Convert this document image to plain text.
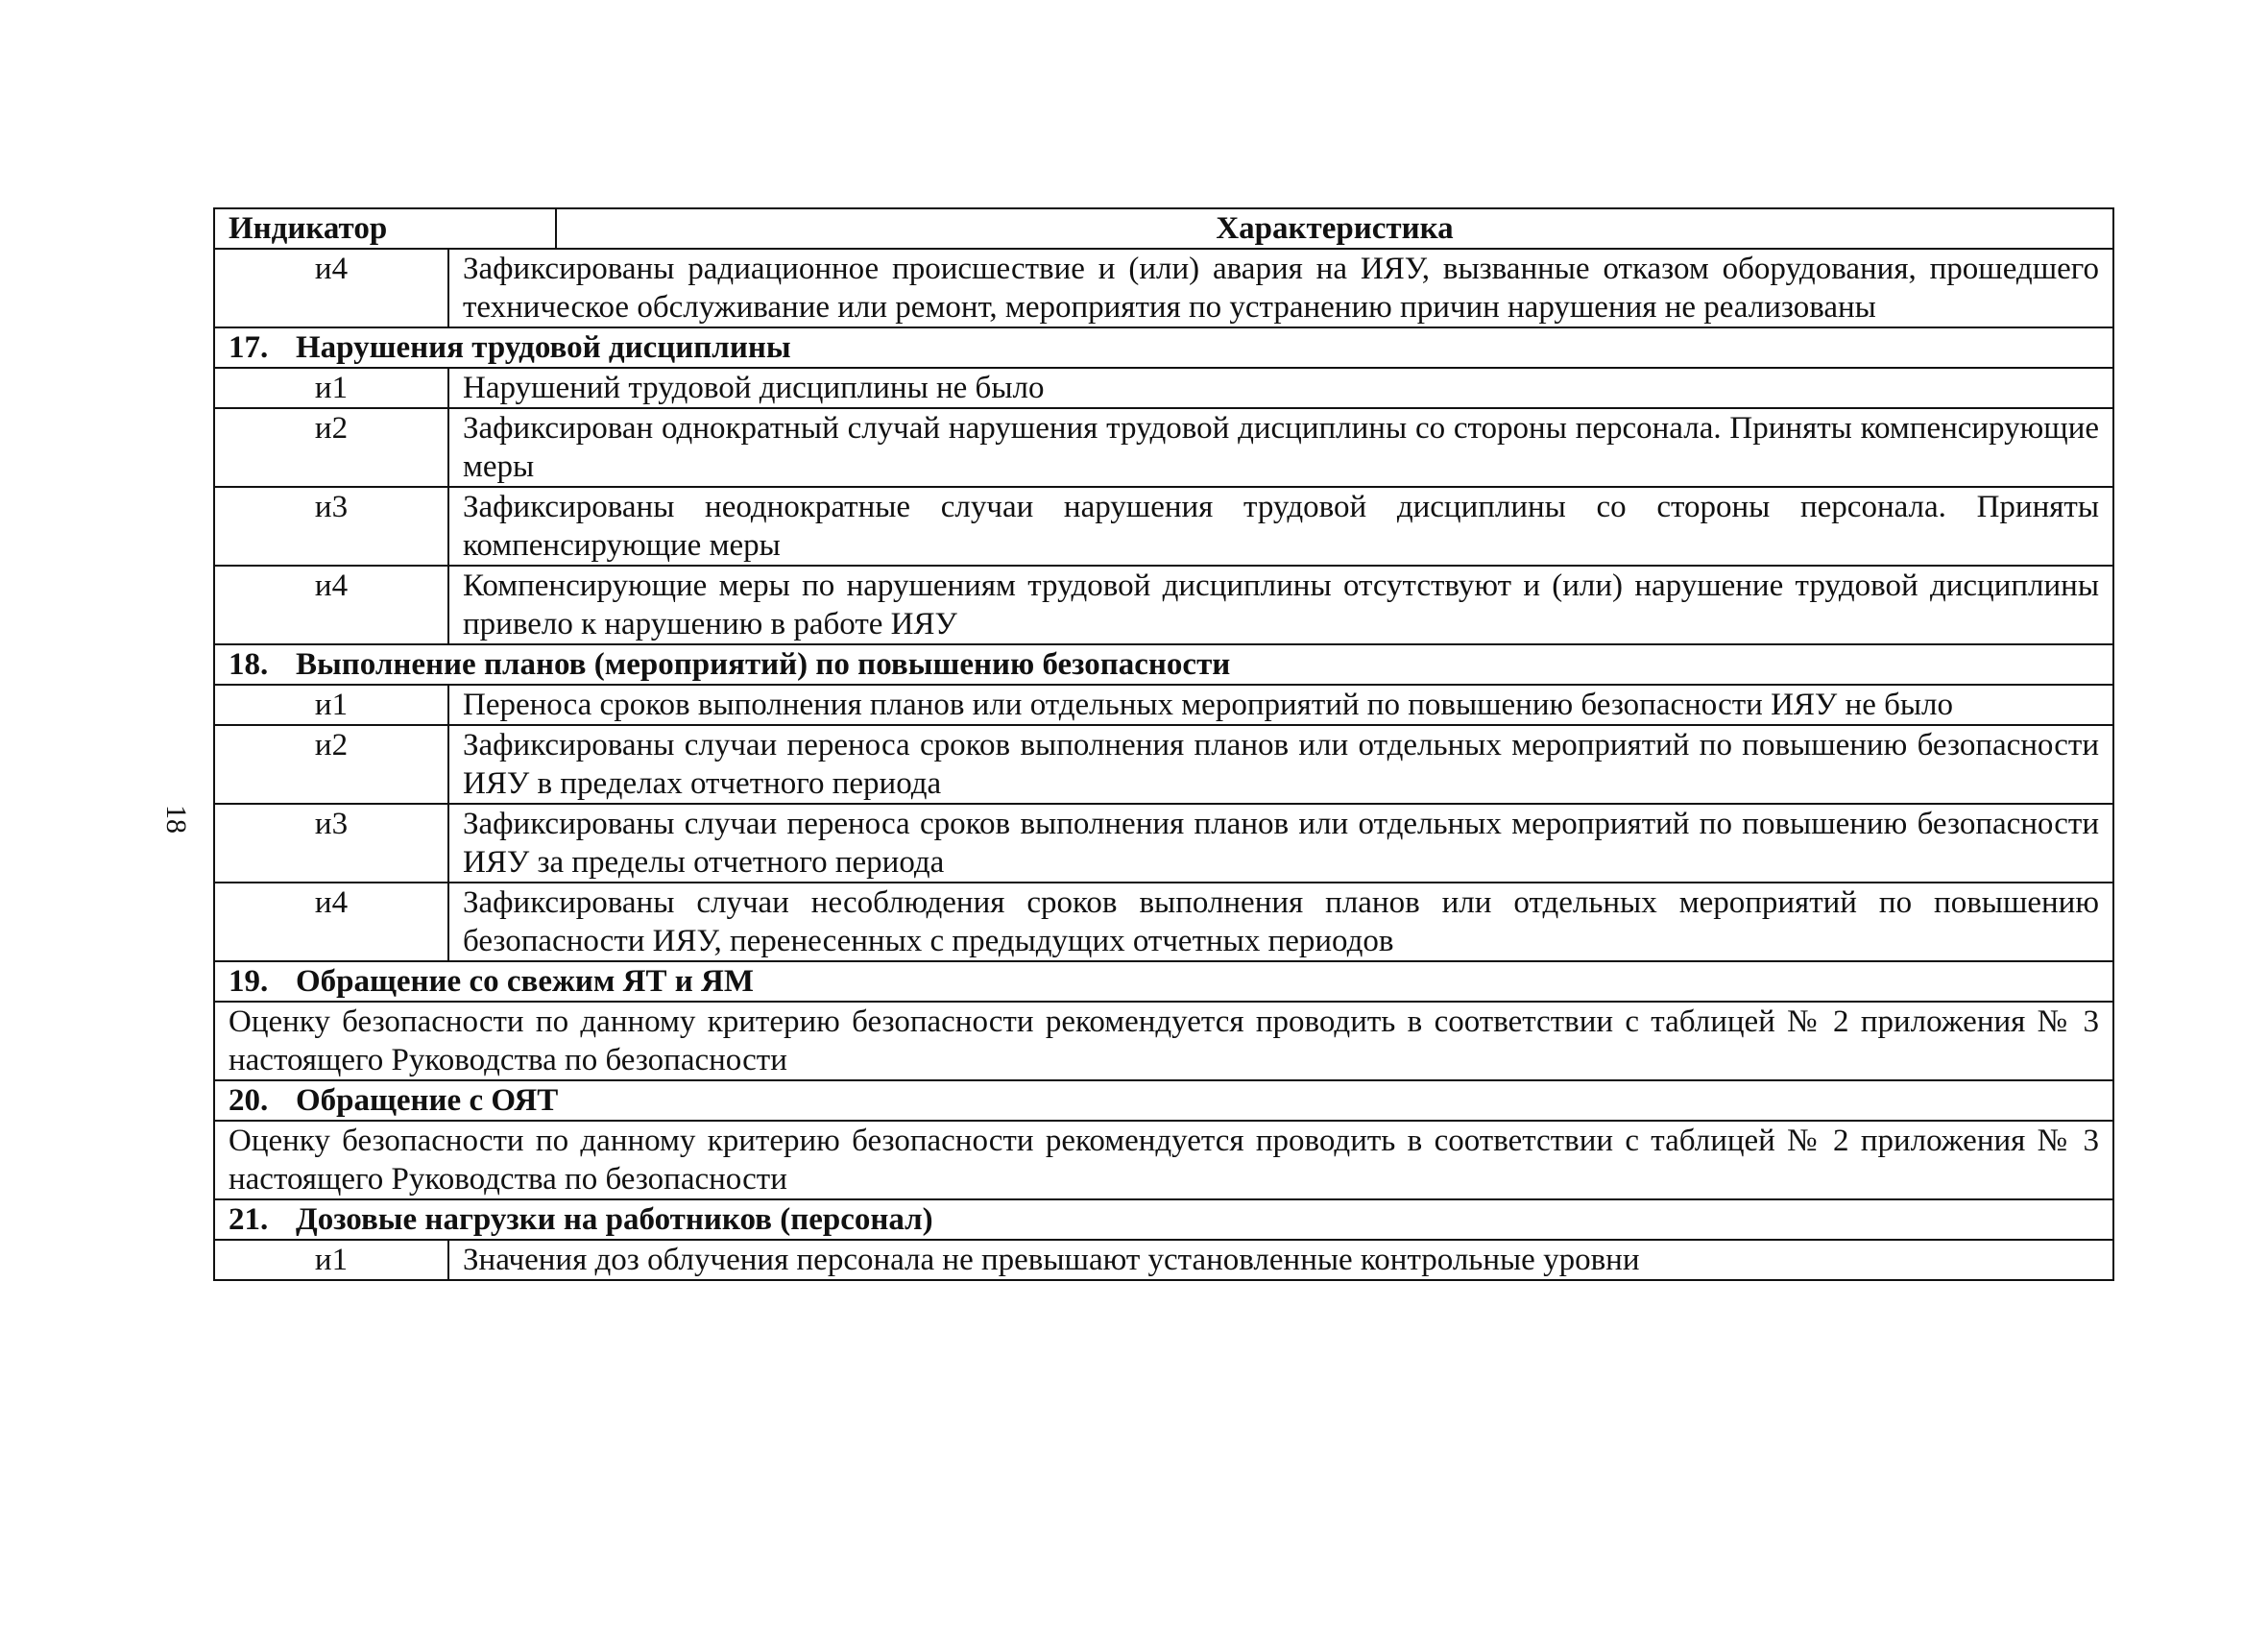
18
Индикатор		Характеристика
и4	Зафиксированы радиационное происшествие и (или) авария на ИЯУ, вызванные отказом оборудования, прошедшего техническое обслуживание или ремонт, мероприятия по устранению причин нарушения не реализованы	
17. Нарушения трудовой дисциплины		
и1	Нарушений трудовой дисциплины не было	
и2	Зафиксирован однократный случай нарушения трудовой дисциплины со стороны персонала. Приняты компенсирующие меры	
и3	Зафиксированы неоднократные случаи нарушения трудовой дисциплины со стороны персонала. Приняты компенсирующие меры	
и4	Компенсирующие меры по нарушениям трудовой дисциплины отсутствуют и (или) нарушение трудовой дисциплины привело к нарушению в работе ИЯУ	
18. Выполнение планов (мероприятий) по повышению безопасности		
и1	Переноса сроков выполнения планов или отдельных мероприятий по повышению безопасности ИЯУ не было	
и2	Зафиксированы случаи переноса сроков выполнения планов или отдельных мероприятий по повышению безопасности ИЯУ в пределах отчетного периода	
и3	Зафиксированы случаи переноса сроков выполнения планов или отдельных мероприятий по повышению безопасности ИЯУ за пределы отчетного периода	
и4	Зафиксированы случаи несоблюдения сроков выполнения планов или отдельных мероприятий по повышению безопасности ИЯУ, перенесенных с предыдущих отчетных периодов	
19. Обращение со свежим ЯТ и ЯМ		
Оценку безопасности по данному критерию безопасности рекомендуется проводить в соответствии с таблицей № 2 приложения № 3 настоящего Руководства по безопасности		
20. Обращение с ОЯТ		
Оценку безопасности по данному критерию безопасности рекомендуется проводить в соответствии с таблицей № 2 приложения № 3 настоящего Руководства по безопасности		
21. Дозовые нагрузки на работников (персонал)		
и1	Значения доз облучения персонала не превышают установленные контрольные уровни	
